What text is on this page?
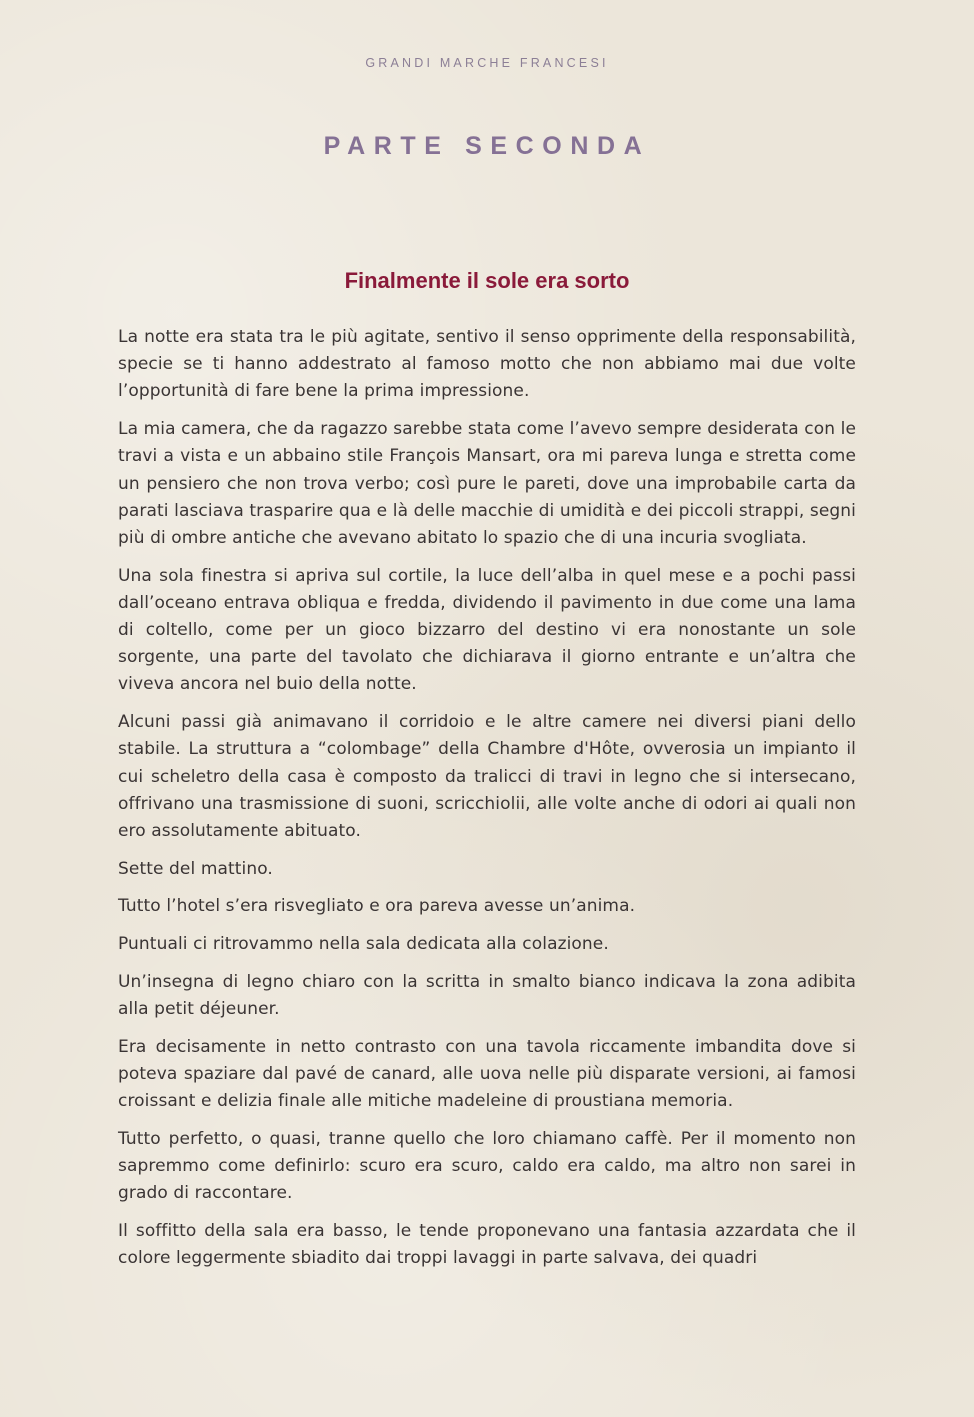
GRANDI MARCHE FRANCESI
PARTE SECONDA
Finalmente il sole era sorto

La notte era stata tra le più agitate, sentivo il senso opprimente della responsabilità, specie se ti hanno addestrato al famoso motto che non abbiamo mai due volte l’opportunità di fare bene la prima impressione.

La mia camera, che da ragazzo sarebbe stata come l’avevo sempre desiderata con le travi a vista e un abbaino stile François Mansart, ora mi pareva lunga e stretta come un pensiero che non trova verbo; così pure le pareti, dove una improbabile carta da parati lasciava trasparire qua e là delle macchie di umidità e dei piccoli strappi, segni più di ombre antiche che avevano abitato lo spazio che di una incuria svogliata.

Una sola finestra si apriva sul cortile, la luce dell’alba in quel mese e a pochi passi dall’oceano entrava obliqua e fredda, dividendo il pavimento in due come una lama di coltello, come per un gioco bizzarro del destino vi era nonostante un sole sorgente, una parte del tavolato che dichiarava il giorno entrante e un’altra che viveva ancora nel buio della notte.

Alcuni passi già animavano il corridoio e le altre camere nei diversi piani dello stabile. La struttura a “colombage” della Chambre d'Hôte, ovverosia un impianto il cui scheletro della casa è composto da tralicci di travi in legno che si intersecano, offrivano una trasmissione di suoni, scricchiolii, alle volte anche di odori ai quali non ero assolutamente abituato.

Sette del mattino.

Tutto l’hotel s’era risvegliato e ora pareva avesse un’anima.

Puntuali ci ritrovammo nella sala dedicata alla colazione.

Un’insegna di legno chiaro con la scritta in smalto bianco indicava la zona adibita alla petit déjeuner.

Era decisamente in netto contrasto con una tavola riccamente imbandita dove si poteva spaziare dal pavé de canard, alle uova nelle più disparate versioni, ai famosi croissant e delizia finale alle mitiche madeleine di proustiana memoria.

Tutto perfetto, o quasi, tranne quello che loro chiamano caffè. Per il momento non sapremmo come definirlo: scuro era scuro, caldo era caldo, ma altro non sarei in grado di raccontare.

Il soffitto della sala era basso, le tende proponevano una fantasia azzardata che il colore leggermente sbiadito dai troppi lavaggi in parte salvava, dei quadri
